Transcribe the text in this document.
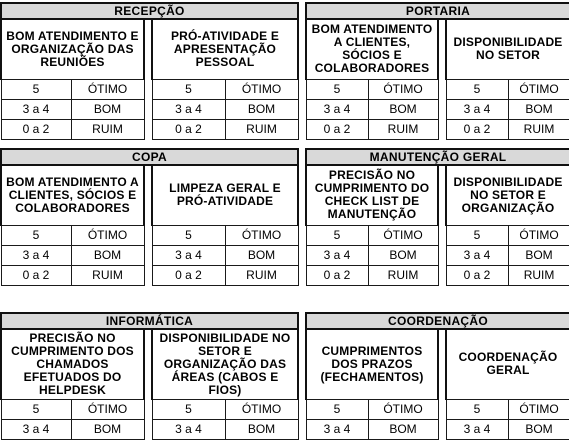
RECEPÇÃO				
BOM ATENDIMENTO E ORGANIZAÇÃO DAS REUNIÕES			PRÓ-ATIVIDADE E APRESENTAÇÃO PESSOAL	
5	ÓTIMO		5	ÓTIMO
3 a 4	BOM		3 a 4	BOM
0 a 2	RUIM		0 a 2	RUIM
PORTARIA				
BOM ATENDIMENTO A CLIENTES, SÓCIOS E COLABORADORES			DISPONIBILIDADE NO SETOR	
5	ÓTIMO		5	ÓTIMO
3 a 4	BOM		3 a 4	BOM
0 a 2	RUIM		0 a 2	RUIM
COPA				
BOM ATENDIMENTO A CLIENTES, SÓCIOS E COLABORADORES			LIMPEZA GERAL E PRÓ-ATIVIDADE	
5	ÓTIMO		5	ÓTIMO
3 a 4	BOM		3 a 4	BOM
0 a 2	RUIM		0 a 2	RUIM
MANUTENÇÃO GERAL				
PRECISÃO NO CUMPRIMENTO DO CHECK LIST DE MANUTENÇÃO			DISPONIBILIDADE NO SETOR E ORGANIZAÇÃO	
5	ÓTIMO		5	ÓTIMO
3 a 4	BOM		3 a 4	BOM
0 a 2	RUIM		0 a 2	RUIM
INFORMÁTICA				
PRECISÃO NO CUMPRIMENTO DOS CHAMADOS EFETUADOS DO HELPDESK			DISPONIBILIDADE NO SETOR E ORGANIZAÇÃO DAS ÁREAS (CABOS E FIOS)	
5	ÓTIMO		5	ÓTIMO
3 a 4	BOM		3 a 4	BOM
COORDENAÇÃO				
CUMPRIMENTOS DOS PRAZOS (FECHAMENTOS)			COORDENAÇÃO GERAL	
5	ÓTIMO		5	ÓTIMO
3 a 4	BOM		3 a 4	BOM
